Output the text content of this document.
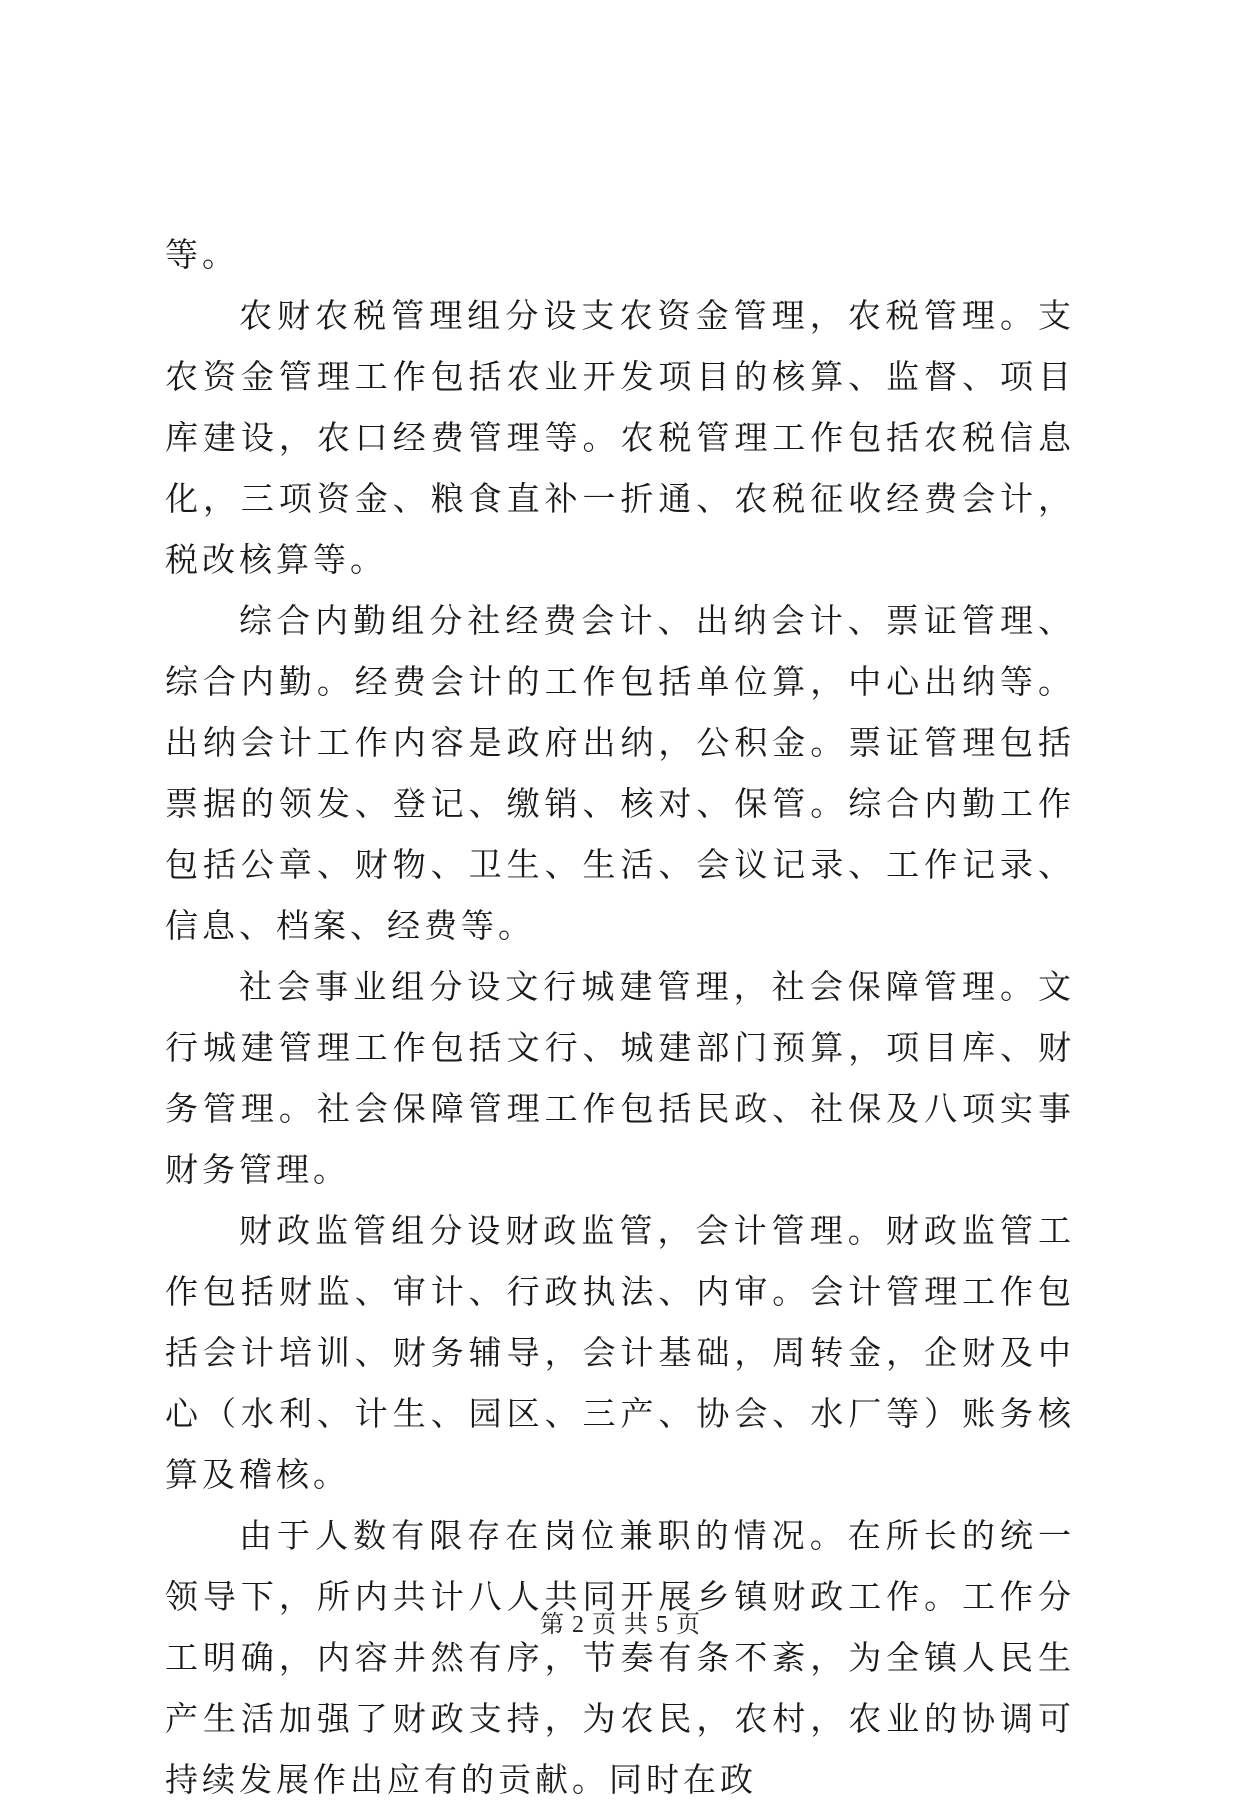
等。

农财农税管理组分设支农资金管理，农税管理。支农资金管理工作包括农业开发项目的核算、监督、项目库建设，农口经费管理等。农税管理工作包括农税信息化，三项资金、粮食直补一折通、农税征收经费会计，税改核算等。

综合内勤组分社经费会计、出纳会计、票证管理、综合内勤。经费会计的工作包括单位算，中心出纳等。出纳会计工作内容是政府出纳，公积金。票证管理包括票据的领发、登记、缴销、核对、保管。综合内勤工作包括公章、财物、卫生、生活、会议记录、工作记录、信息、档案、经费等。

社会事业组分设文行城建管理，社会保障管理。文行城建管理工作包括文行、城建部门预算，项目库、财务管理。社会保障管理工作包括民政、社保及八项实事财务管理。

财政监管组分设财政监管，会计管理。财政监管工作包括财监、审计、行政执法、内审。会计管理工作包括会计培训、财务辅导，会计基础，周转金，企财及中心（水利、计生、园区、三产、协会、水厂等）账务核算及稽核。

由于人数有限存在岗位兼职的情况。在所长的统一领导下，所内共计八人共同开展乡镇财政工作。工作分工明确，内容井然有序，节奏有条不紊，为全镇人民生产生活加强了财政支持，为农民，农村，农业的协调可持续发展作出应有的贡献。同时在政

第 2 页 共 5 页
